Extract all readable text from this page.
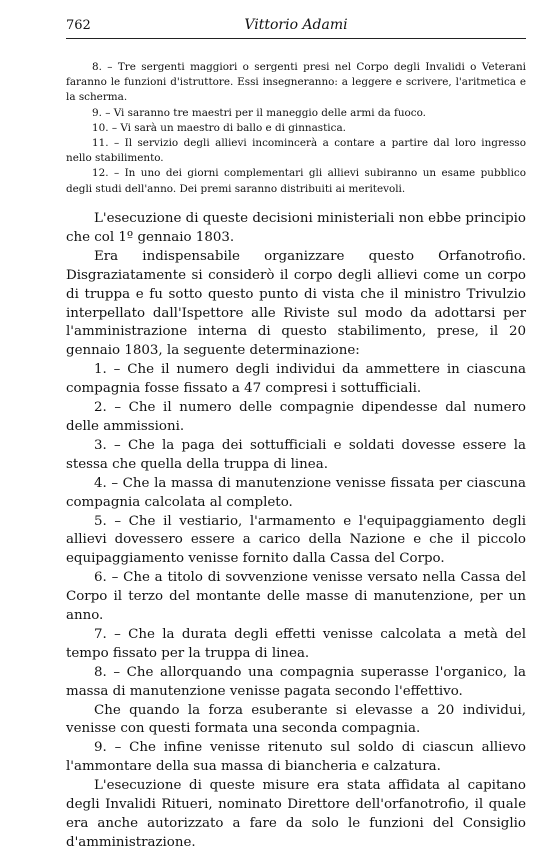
762	Vittorio Adami

8. – Tre sergenti maggiori o sergenti presi nel Corpo degli Invalidi o Veterani faranno le funzioni d'istruttore. Essi insegneranno: a leggere e scrivere, l'aritmetica e la scherma.

9. – Vi saranno tre maestri per il maneggio delle armi da fuoco.

10. – Vi sarà un maestro di ballo e di ginnastica.

11. – Il servizio degli allievi incomincerà a contare a partire dal loro ingresso nello stabilimento.

12. – In uno dei giorni complementari gli allievi subiranno un esame pubblico degli studi dell'anno. Dei premi saranno distribuiti ai meritevoli.

L'esecuzione di queste decisioni ministeriali non ebbe principio che col 1º gennaio 1803.

Era indispensabile organizzare questo Orfanotrofio. Disgraziatamente si considerò il corpo degli allievi come un corpo di truppa e fu sotto questo punto di vista che il ministro Trivulzio interpellato dall'Ispettore alle Riviste sul modo da adottarsi per l'amministrazione interna di questo stabilimento, prese, il 20 gennaio 1803, la seguente determinazione:

1. – Che il numero degli individui da ammettere in ciascuna compagnia fosse fissato a 47 compresi i sottufficiali.

2. – Che il numero delle compagnie dipendesse dal numero delle ammissioni.

3. – Che la paga dei sottufficiali e soldati dovesse essere la stessa che quella della truppa di linea.

4. – Che la massa di manutenzione venisse fissata per ciascuna compagnia calcolata al completo.

5. – Che il vestiario, l'armamento e l'equipaggiamento degli allievi dovessero essere a carico della Nazione e che il piccolo equipaggiamento venisse fornito dalla Cassa del Corpo.

6. – Che a titolo di sovvenzione venisse versato nella Cassa del Corpo il terzo del montante delle masse di manutenzione, per un anno.

7. – Che la durata degli effetti venisse calcolata a metà del tempo fissato per la truppa di linea.

8. – Che allorquando una compagnia superasse l'organico, la massa di manutenzione venisse pagata secondo l'effettivo.

Che quando la forza esuberante si elevasse a 20 individui, venisse con questi formata una seconda compagnia.

9. – Che infine venisse ritenuto sul soldo di ciascun allievo l'ammontare della sua massa di biancheria e calzatura.

L'esecuzione di queste misure era stata affidata al capitano degli Invalidi Ritueri, nominato Direttore dell'orfanotrofio, il quale era anche autorizzato a fare da solo le funzioni del Consiglio d'amministrazione.
